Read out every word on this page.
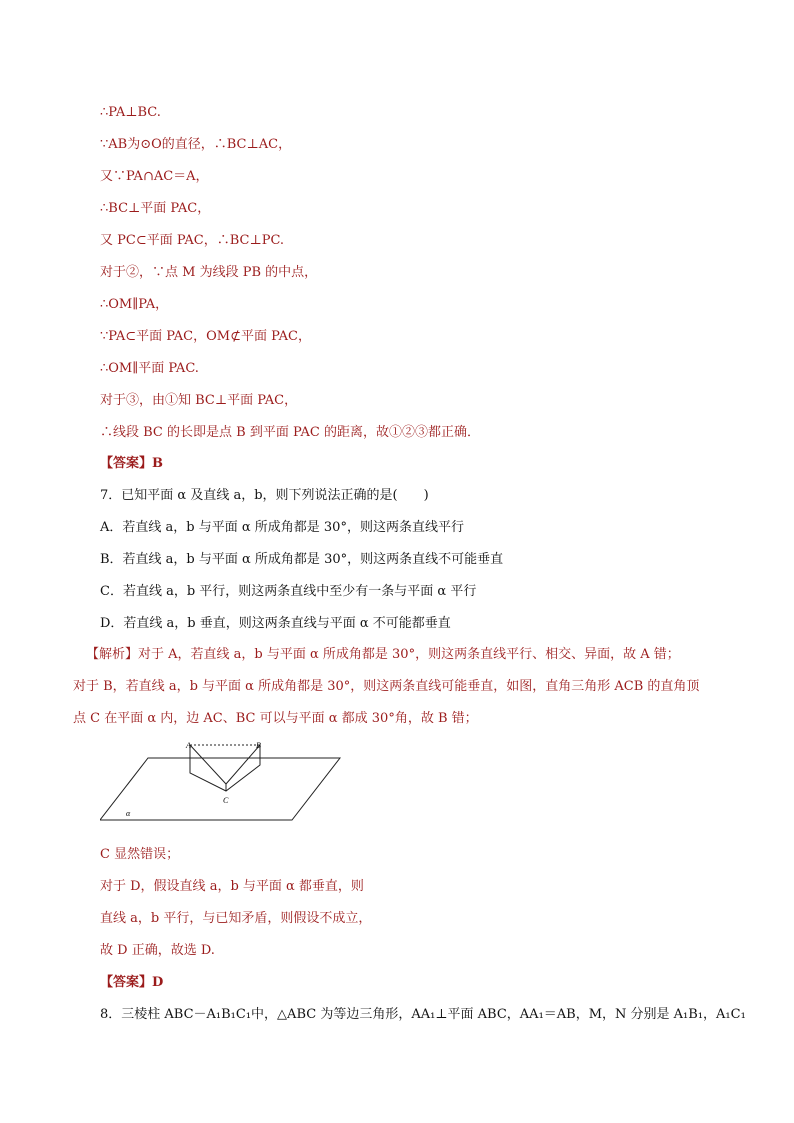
∴PA⊥BC.
∵AB为⊙O的直径，∴BC⊥AC，
又∵PA∩AC＝A，
∴BC⊥平面 PAC，
又 PC⊂平面 PAC，∴BC⊥PC.
对于②，∵点 M 为线段 PB 的中点，
∴OM∥PA，
∵PA⊂平面 PAC，OM⊄平面 PAC，
∴OM∥平面 PAC.
对于③，由①知 BC⊥平面 PAC，
∴线段 BC 的长即是点 B 到平面 PAC 的距离，故①②③都正确．
【答案】B
7．已知平面 α 及直线 a，b，则下列说法正确的是(　　)
A．若直线 a，b 与平面 α 所成角都是 30°，则这两条直线平行
B．若直线 a，b 与平面 α 所成角都是 30°，则这两条直线不可能垂直
C．若直线 a，b 平行，则这两条直线中至少有一条与平面 α 平行
D．若直线 a，b 垂直，则这两条直线与平面 α 不可能都垂直
【解析】对于 A，若直线 a，b 与平面 α 所成角都是 30°，则这两条直线平行、相交、异面，故 A 错；
对于 B，若直线 a，b 与平面 α 所成角都是 30°，则这两条直线可能垂直，如图，直角三角形 ACB 的直角顶
点 C 在平面 α 内，边 AC、BC 可以与平面 α 都成 30°角，故 B 错；
A	B
C
α
C 显然错误；
对于 D，假设直线 a，b 与平面 α 都垂直，则
直线 a，b 平行，与已知矛盾，则假设不成立，
故 D 正确，故选 D.
【答案】D
8．三棱柱 ABC－A₁B₁C₁中，△ABC 为等边三角形，AA₁⊥平面 ABC，AA₁＝AB，M，N 分别是 A₁B₁，A₁C₁
